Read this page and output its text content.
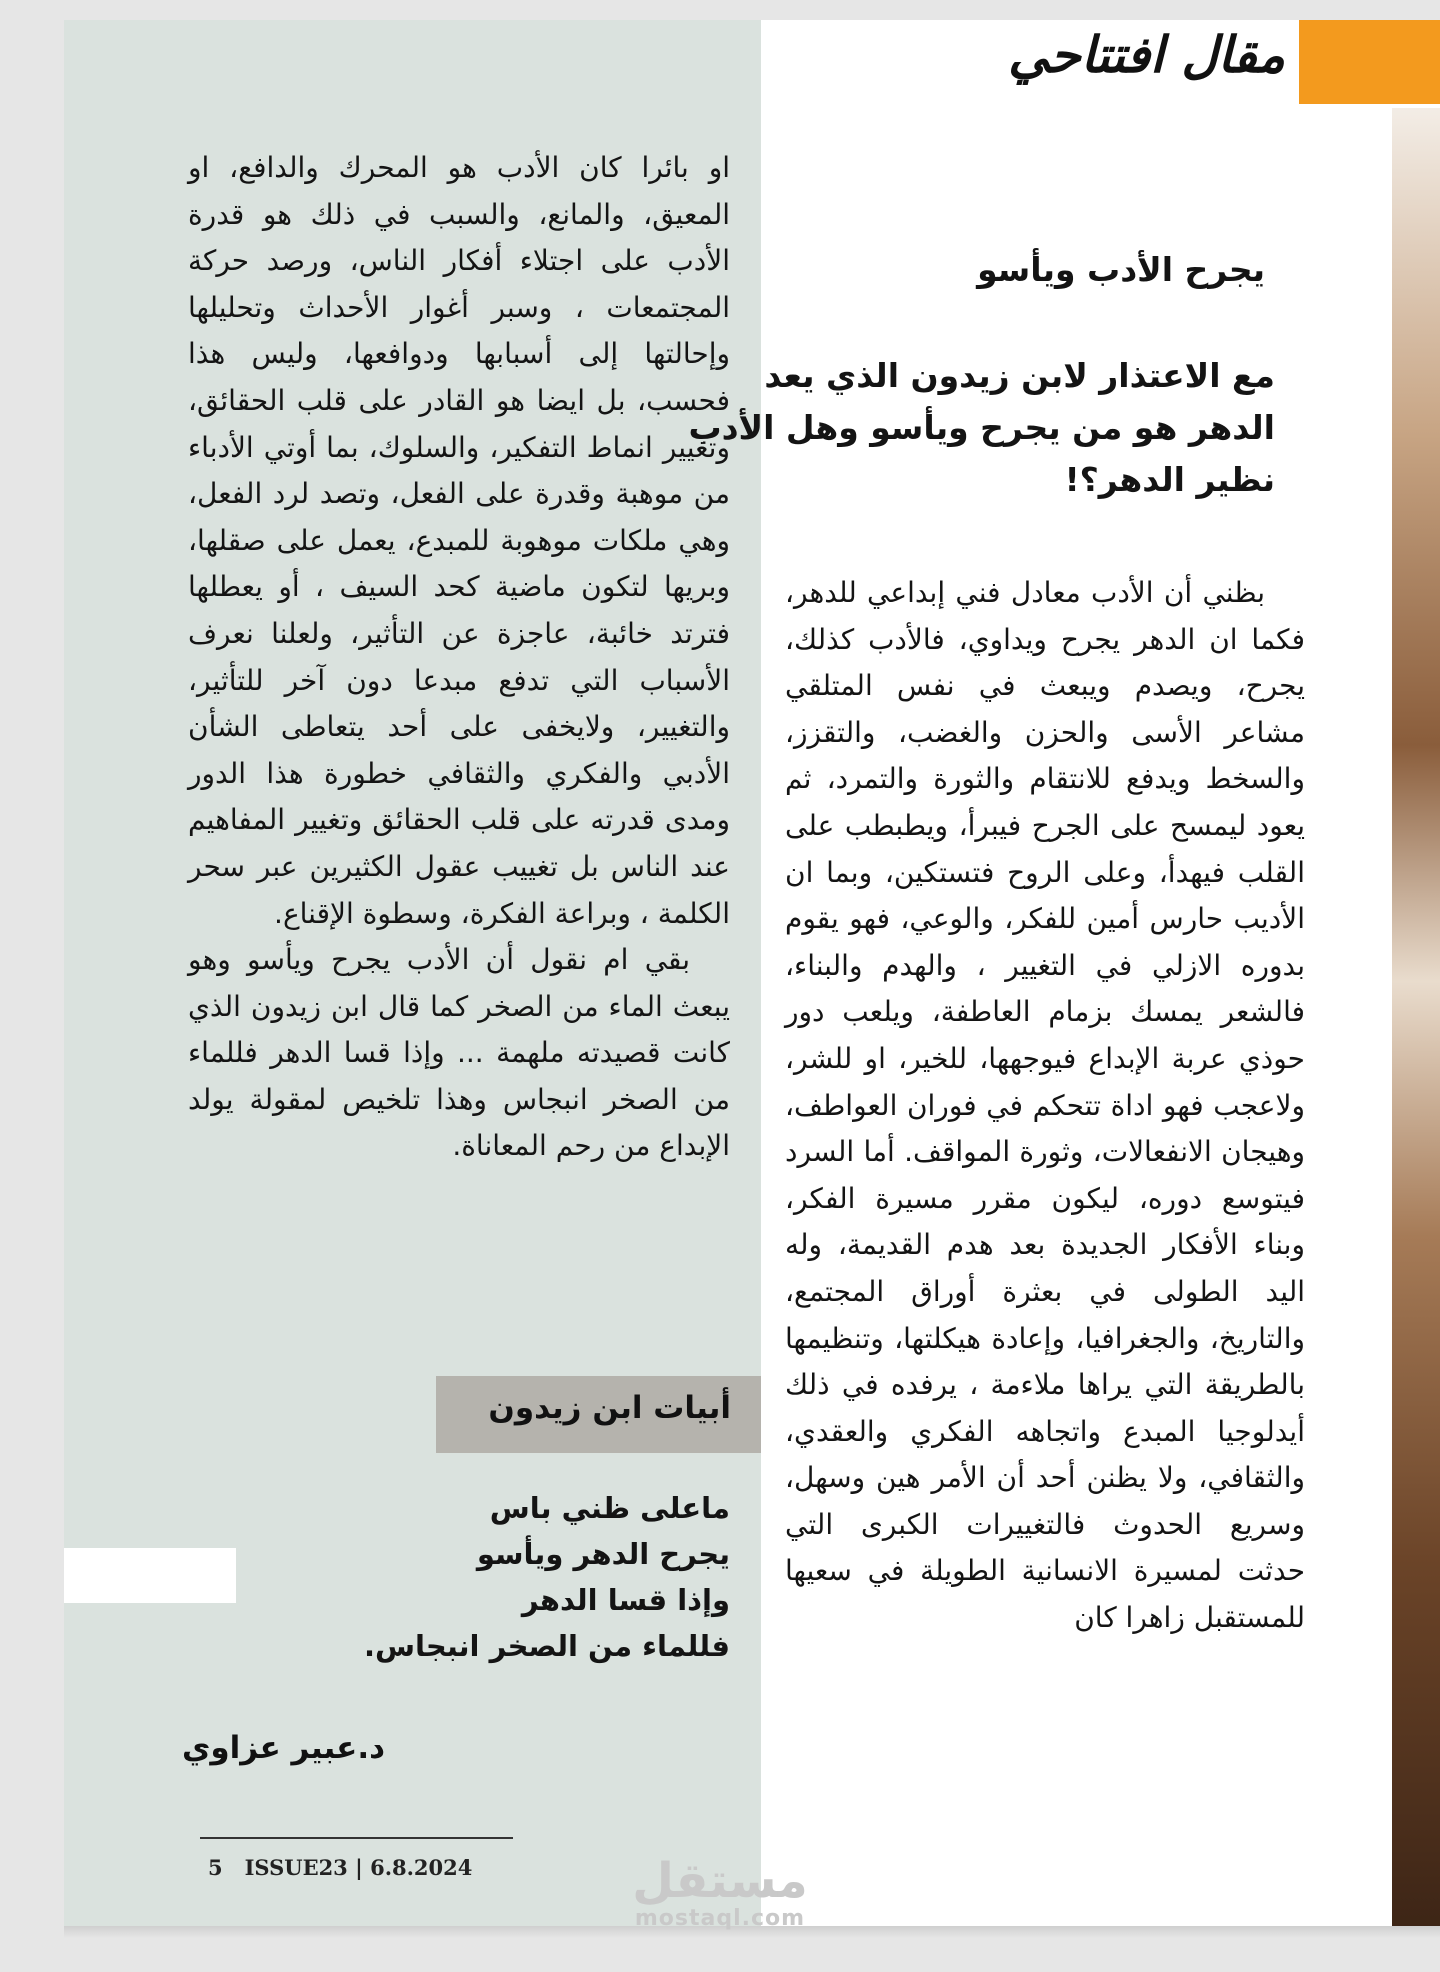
مقال افتتاحي
يجرح الأدب ويأسو
مع الاعتذار لابن زيدون الذي يعد الدهر هو من يجرح ويأسو وهل الأدب نظير الدهر؟!

بظني أن الأدب معادل فني إبداعي للدهر، فكما ان الدهر يجرح ويداوي، فالأدب كذلك، يجرح، ويصدم ويبعث في نفس المتلقي مشاعر الأسى والحزن والغضب، والتقزز، والسخط ويدفع للانتقام والثورة والتمرد، ثم يعود ليمسح على الجرح فيبرأ، ويطبطب على القلب فيهدأ، وعلى الروح فتستكين، وبما ان الأديب حارس أمين للفكر، والوعي، فهو يقوم بدوره الازلي في التغيير ، والهدم والبناء، فالشعر يمسك بزمام العاطفة، ويلعب دور حوذي عربة الإبداع فيوجهها، للخير، او للشر، ولاعجب فهو اداة تتحكم في فوران العواطف، وهيجان الانفعالات، وثورة المواقف. أما السرد فيتوسع دوره، ليكون مقرر مسيرة الفكر، وبناء الأفكار الجديدة بعد هدم القديمة، وله اليد الطولى في بعثرة أوراق المجتمع، والتاريخ، والجغرافيا، وإعادة هيكلتها، وتنظيمها بالطريقة التي يراها ملاءمة ، يرفده في ذلك أيدلوجيا المبدع واتجاهه الفكري والعقدي، والثقافي، ولا يظنن أحد أن الأمر هين وسهل، وسريع الحدوث فالتغييرات الكبرى التي حدثت لمسيرة الانسانية الطويلة في سعيها للمستقبل زاهرا كان

او بائرا كان الأدب هو المحرك والدافع، او المعيق، والمانع، والسبب في ذلك هو قدرة الأدب على اجتلاء أفكار الناس، ورصد حركة المجتمعات ، وسبر أغوار الأحداث وتحليلها وإحالتها إلى أسبابها ودوافعها، وليس هذا فحسب، بل ايضا هو القادر على قلب الحقائق، وتغيير انماط التفكير، والسلوك، بما أوتي الأدباء من موهبة وقدرة على الفعل، وتصد لرد الفعل، وهي ملكات موهوبة للمبدع، يعمل على صقلها، وبريها لتكون ماضية كحد السيف ، أو يعطلها فترتد خائبة، عاجزة عن التأثير، ولعلنا نعرف الأسباب التي تدفع مبدعا دون آخر للتأثير، والتغيير، ولايخفى على أحد يتعاطى الشأن الأدبي والفكري والثقافي خطورة هذا الدور ومدى قدرته على قلب الحقائق وتغيير المفاهيم عند الناس بل تغييب عقول الكثيرين عبر سحر الكلمة ، وبراعة الفكرة، وسطوة الإقناع.

بقي ام نقول أن الأدب يجرح ويأسو وهو يبعث الماء من الصخر كما قال ابن زيدون الذي كانت قصيدته ملهمة ... وإذا قسا الدهر فللماء من الصخر انبجاس وهذا تلخيص لمقولة يولد الإبداع من رحم المعاناة.

أبيات ابن زيدون
ماعلى ظني باس
يجرح الدهر ويأسو
وإذا قسا الدهر
فللماء من الصخر انبجاس.
د.عبير عزاوي
5 ISSUE23 | 6.8.2024	مستقل
mostaql.com
